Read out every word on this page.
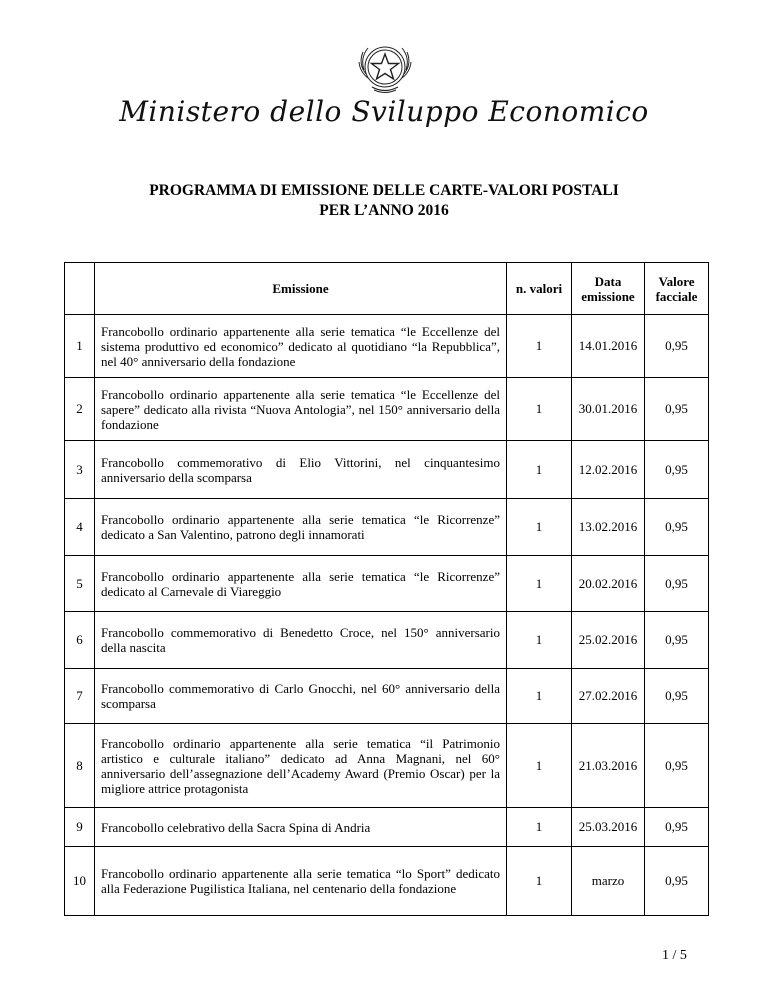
Ministero dello Sviluppo Economico
PROGRAMMA DI EMISSIONE DELLE CARTE-VALORI POSTALI
PER L’ANNO 2016
	Emissione	n. valori	Data emissione	Valore facciale
1	Francobollo ordinario appartenente alla serie tematica “le Eccellenze del sistema produttivo ed economico” dedicato al quotidiano “la Repubblica”, nel 40° anniversario della fondazione	1	14.01.2016	0,95
2	Francobollo ordinario appartenente alla serie tematica “le Eccellenze del sapere” dedicato alla rivista “Nuova Antologia”, nel 150° anniversario della fondazione	1	30.01.2016	0,95
3	Francobollo commemorativo di Elio Vittorini, nel cinquantesimo anniversario della scomparsa	1	12.02.2016	0,95
4	Francobollo ordinario appartenente alla serie tematica “le Ricorrenze” dedicato a San Valentino, patrono degli innamorati	1	13.02.2016	0,95
5	Francobollo ordinario appartenente alla serie tematica “le Ricorrenze” dedicato al Carnevale di Viareggio	1	20.02.2016	0,95
6	Francobollo commemorativo di Benedetto Croce, nel 150° anniversario della nascita	1	25.02.2016	0,95
7	Francobollo commemorativo di Carlo Gnocchi, nel 60° anniversario della scomparsa	1	27.02.2016	0,95
8	Francobollo ordinario appartenente alla serie tematica “il Patrimonio artistico e culturale italiano” dedicato ad Anna Magnani, nel 60° anniversario dell’assegnazione dell’Academy Award (Premio Oscar) per la migliore attrice protagonista	1	21.03.2016	0,95
9	Francobollo celebrativo della Sacra Spina di Andria	1	25.03.2016	0,95
10	Francobollo ordinario appartenente alla serie tematica “lo Sport” dedicato alla Federazione Pugilistica Italiana, nel centenario della fondazione	1	marzo	0,95
1 / 5
